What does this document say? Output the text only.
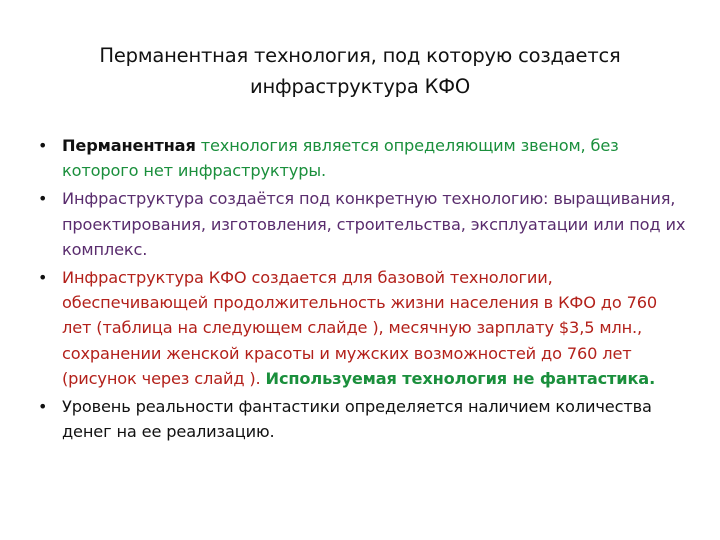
Перманентная технология, под которую создается инфраструктура КФО
• Перманентная технология является определяющим звеном, без которого нет инфраструктуры.
• Инфраструктура создаётся под конкретную технологию: выращивания, проектирования, изготовления, строительства, эксплуатации или под их комплекс.
• Инфраструктура КФО создается для базовой технологии, обеспечивающей продолжительность жизни населения в КФО до 760 лет (таблица на следующем слайде ), месячную зарплату $3,5 млн., сохранении женской красоты и мужских возможностей до 760 лет (рисунок через слайд ). Используемая технология не фантастика.
• Уровень реальности фантастики определяется наличием количества денег на ее реализацию.
